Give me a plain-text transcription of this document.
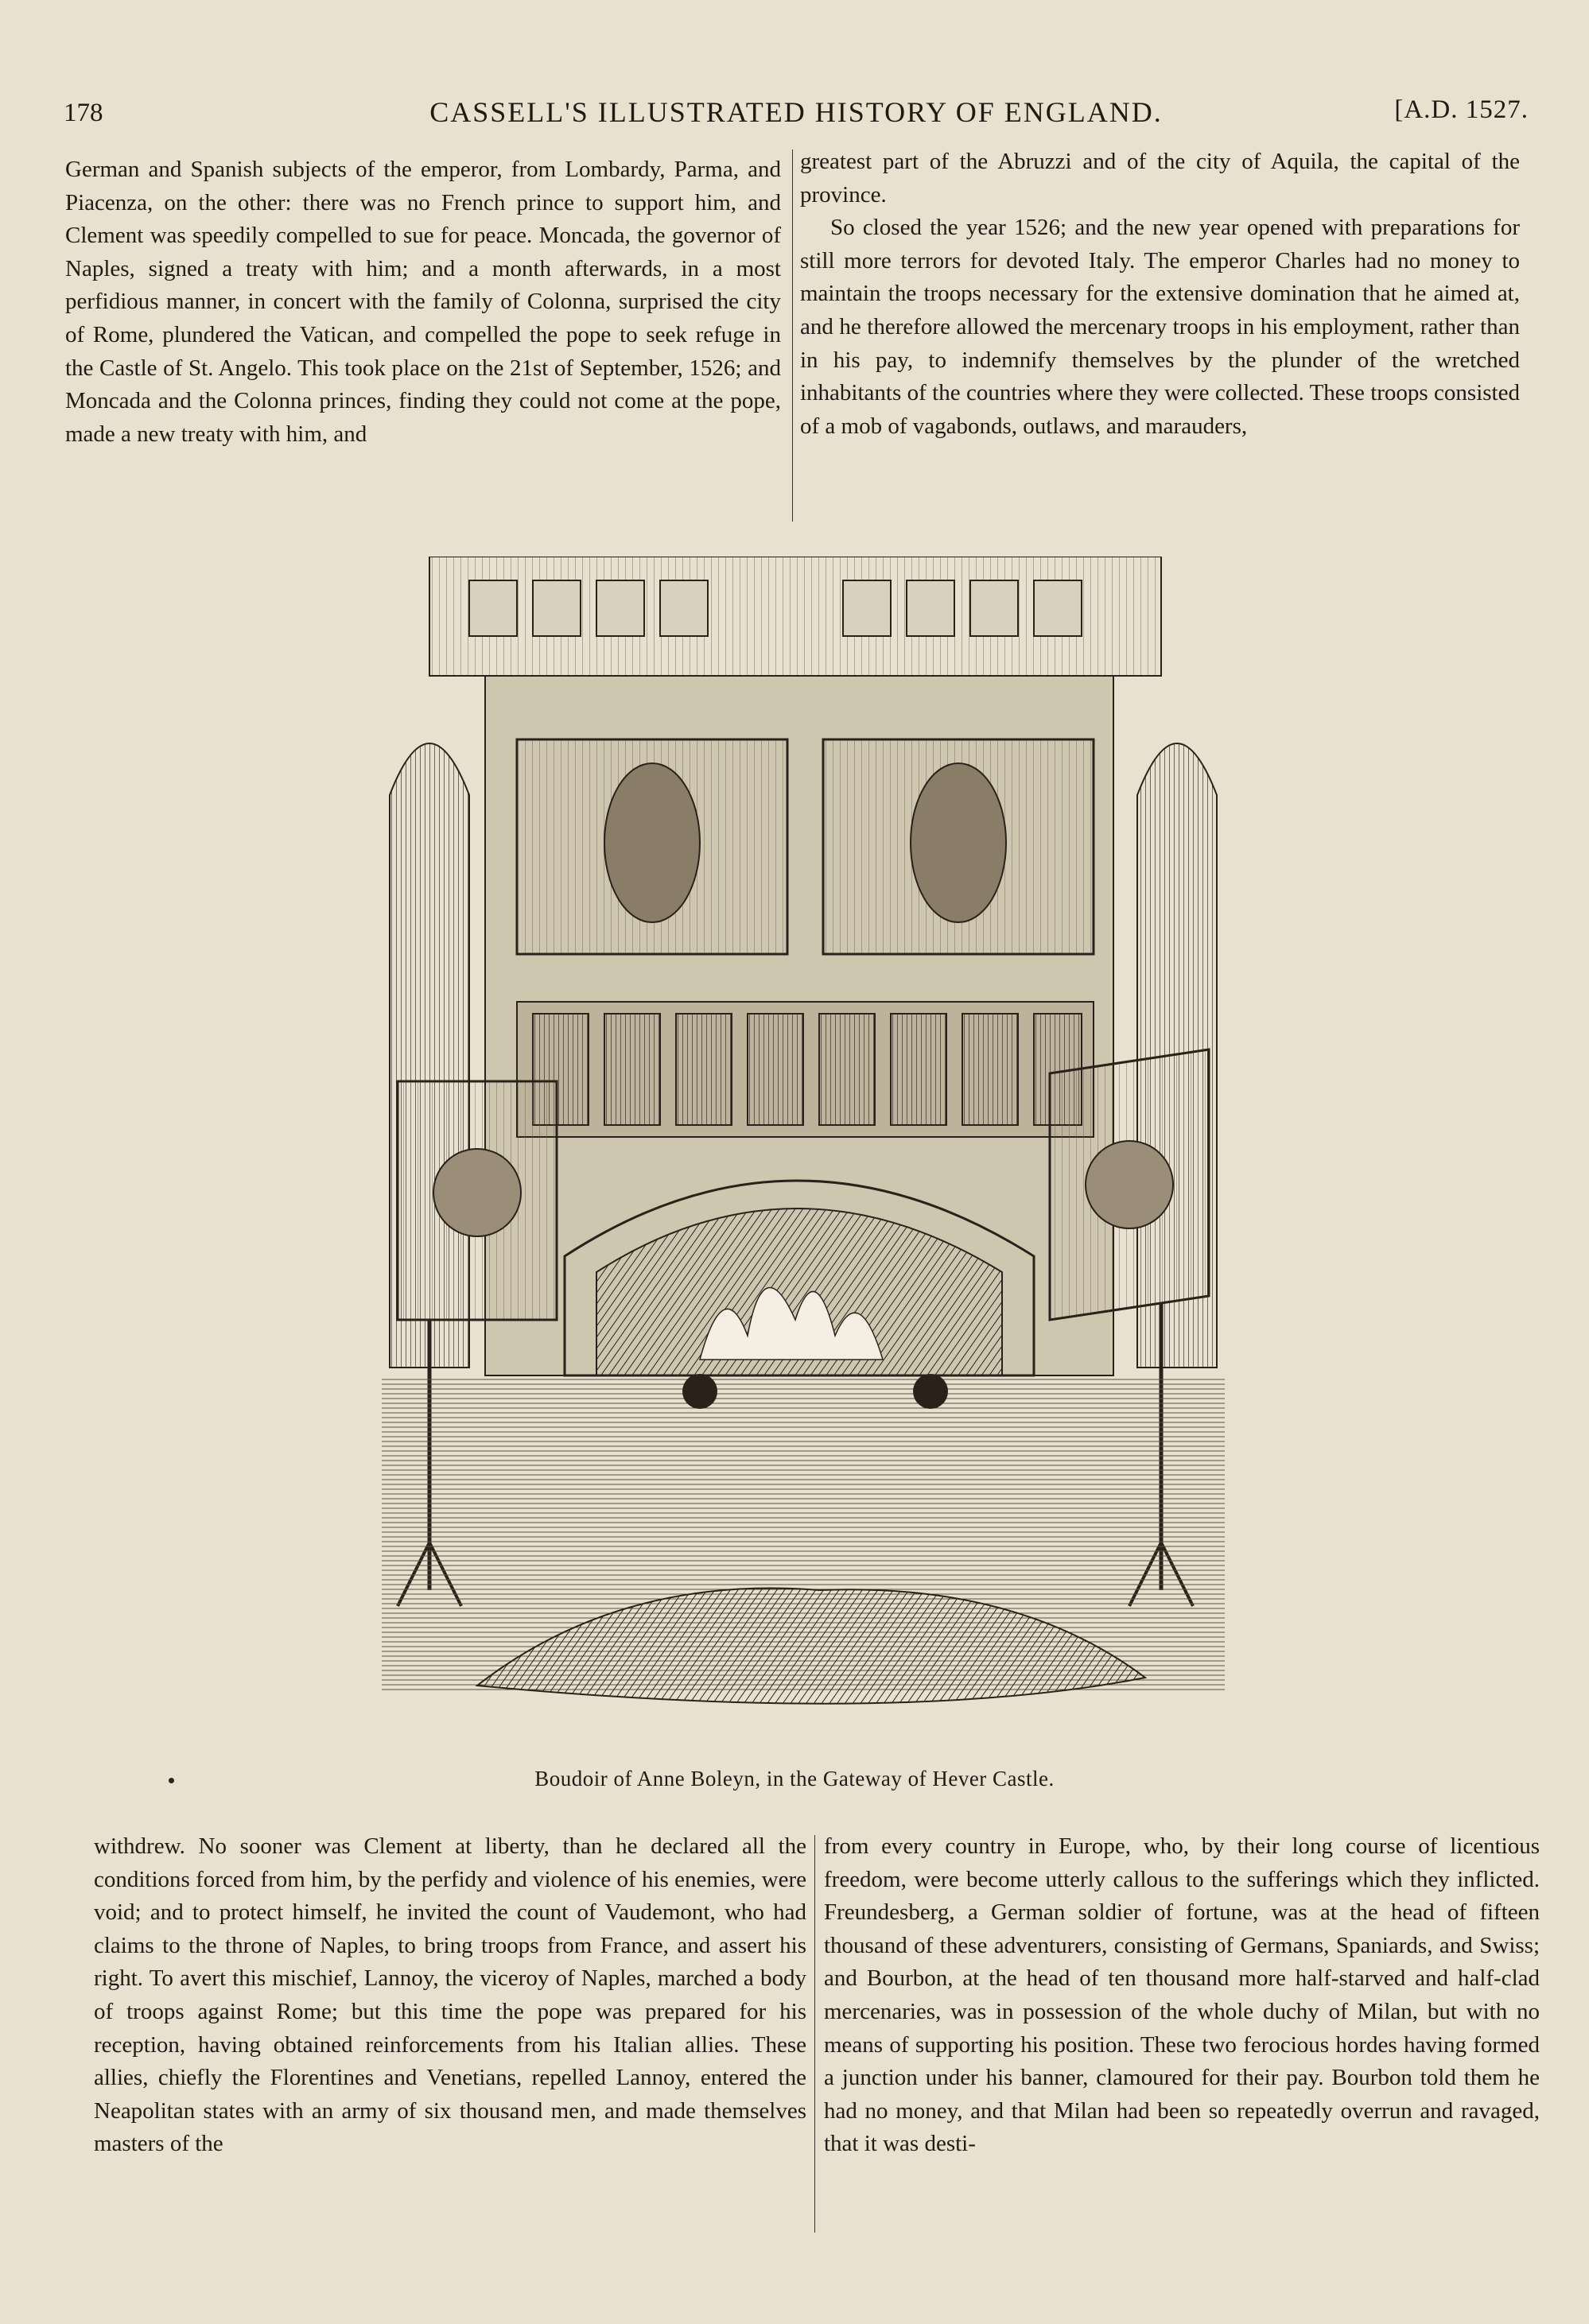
178	CASSELL'S ILLUSTRATED HISTORY OF ENGLAND.	[A.D. 1527.

German and Spanish subjects of the emperor, from Lombardy, Parma, and Piacenza, on the other: there was no French prince to support him, and Clement was speedily compelled to sue for peace. Moncada, the governor of Naples, signed a treaty with him; and a month afterwards, in a most perfidious manner, in concert with the family of Colonna, surprised the city of Rome, plundered the Vatican, and compelled the pope to seek refuge in the Castle of St. Angelo. This took place on the 21st of September, 1526; and Moncada and the Colonna princes, finding they could not come at the pope, made a new treaty with him, and

greatest part of the Abruzzi and of the city of Aquila, the capital of the province.

So closed the year 1526; and the new year opened with preparations for still more terrors for devoted Italy. The emperor Charles had no money to maintain the troops necessary for the extensive domination that he aimed at, and he therefore allowed the mercenary troops in his employment, rather than in his pay, to indemnify themselves by the plunder of the wretched inhabitants of the countries where they were collected. These troops consisted of a mob of vagabonds, outlaws, and marauders,

Boudoir of Anne Boleyn, in the Gateway of Hever Castle.

withdrew. No sooner was Clement at liberty, than he declared all the conditions forced from him, by the perfidy and violence of his enemies, were void; and to protect himself, he invited the count of Vaudemont, who had claims to the throne of Naples, to bring troops from France, and assert his right. To avert this mischief, Lannoy, the viceroy of Naples, marched a body of troops against Rome; but this time the pope was prepared for his reception, having obtained reinforcements from his Italian allies. These allies, chiefly the Florentines and Venetians, repelled Lannoy, entered the Neapolitan states with an army of six thousand men, and made themselves masters of the

from every country in Europe, who, by their long course of licentious freedom, were become utterly callous to the sufferings which they inflicted. Freundesberg, a German soldier of fortune, was at the head of fifteen thousand of these adventurers, consisting of Germans, Spaniards, and Swiss; and Bourbon, at the head of ten thousand more half-starved and half-clad mercenaries, was in possession of the whole duchy of Milan, but with no means of supporting his position. These two ferocious hordes having formed a junction under his banner, clamoured for their pay. Bourbon told them he had no money, and that Milan had been so repeatedly overrun and ravaged, that it was desti-
